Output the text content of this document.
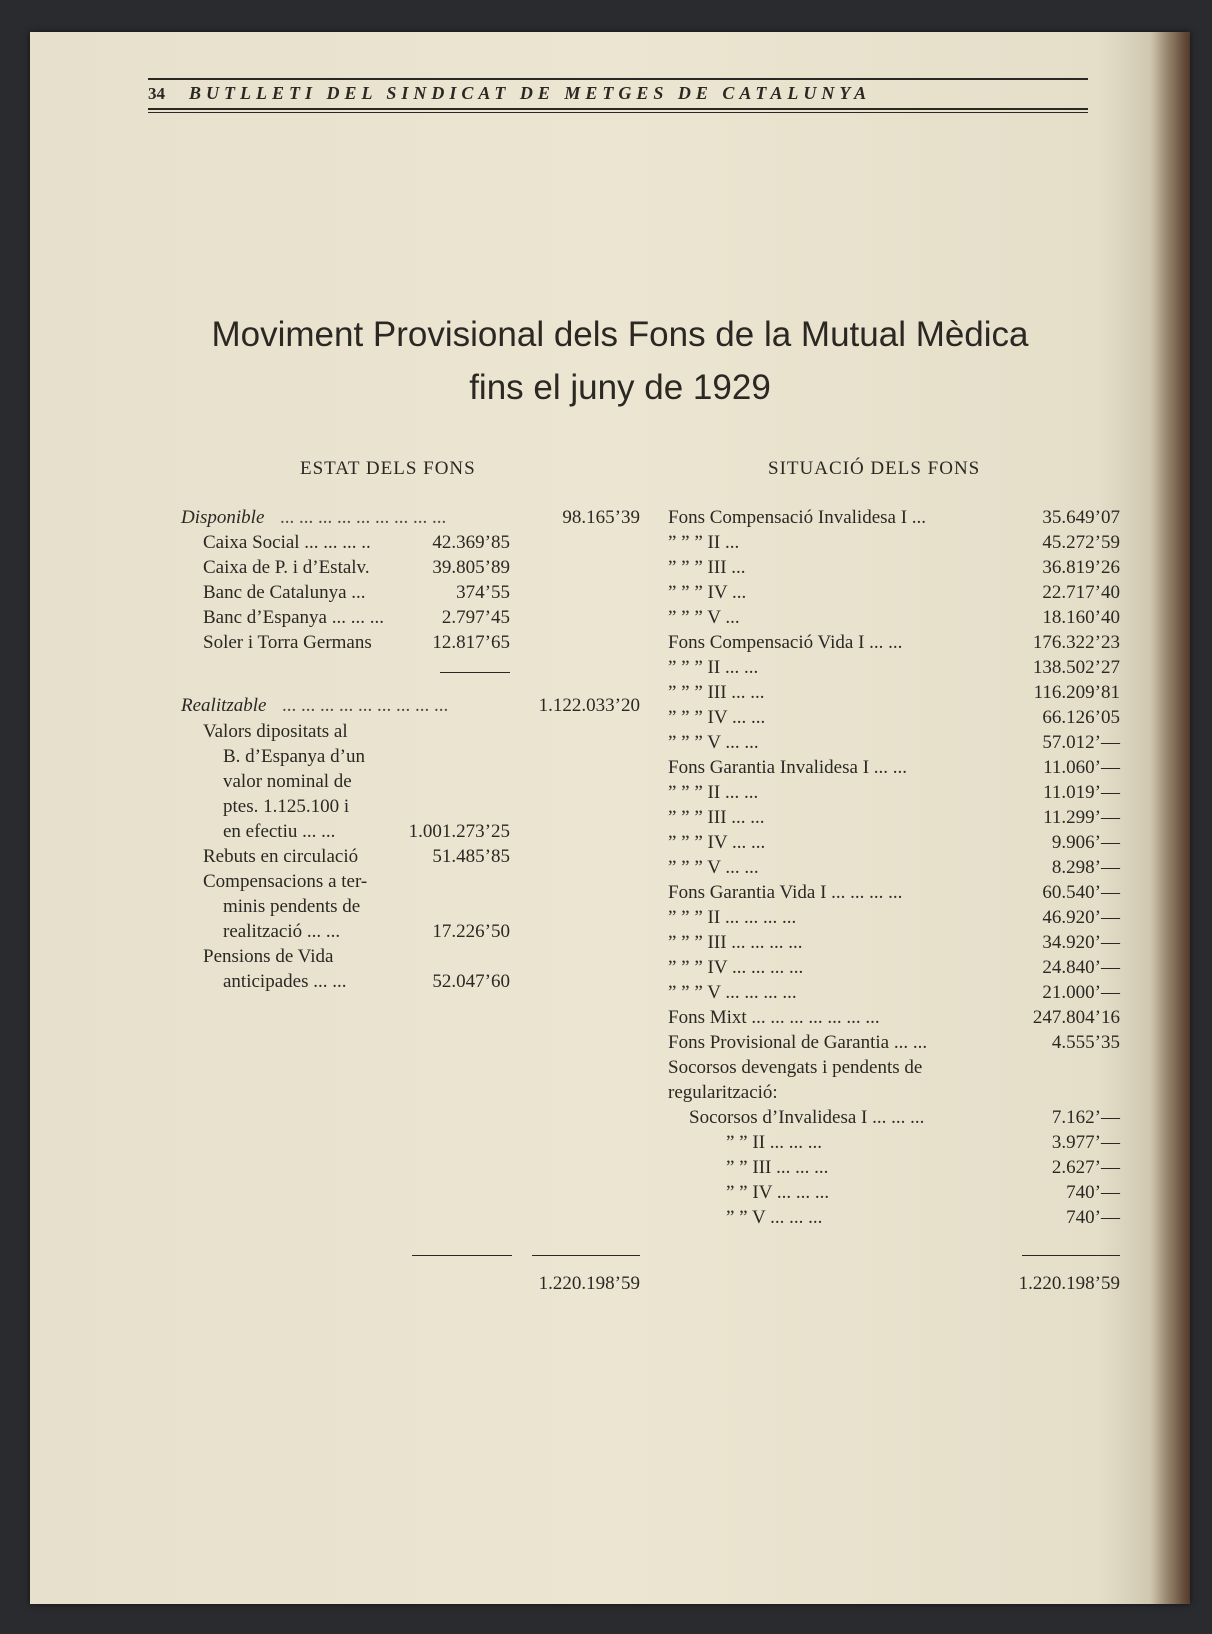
34 BUTLLETI DEL SINDICAT DE METGES DE CATALUNYA
Moviment Provisional dels Fons de la Mutual Mèdica
fins el juny de 1929
ESTAT DELS FONS	SITUACIÓ DELS FONS
Disponible ... ... ... ... ... ... ... ... ...	98.165’39
Caixa Social ... ... ... ..	42.369’85
Caixa de P. i d’Estalv.	39.805’89
Banc de Catalunya ...	374’55
Banc d’Espanya ... ... ...	2.797’45
Soler i Torra Germans	12.817’65
Realitzable ... ... ... ... ... ... ... ... ...	1.122.033’20
Valors dipositats al
B. d’Espanya d’un
valor nominal de
ptes. 1.125.100 i
en efectiu ... ...	1.001.273’25
Rebuts en circulació	51.485’85
Compensacions a ter-
minis pendents de
realització ... ...	17.226’50
Pensions de Vida
anticipades ... ...	52.047’60
1.220.198’59
Fons Compensació Invalidesa I ...	35.649’07
” ” ” II ...	45.272’59
” ” ” III ...	36.819’26
” ” ” IV ...	22.717’40
” ” ” V ...	18.160’40
Fons Compensació Vida I ... ...	176.322’23
” ” ” II ... ...	138.502’27
” ” ” III ... ...	116.209’81
” ” ” IV ... ...	66.126’05
” ” ” V ... ...	57.012’—
Fons Garantia Invalidesa I ... ...	11.060’—
” ” ” II ... ...	11.019’—
” ” ” III ... ...	11.299’—
” ” ” IV ... ...	9.906’—
” ” ” V ... ...	8.298’—
Fons Garantia Vida I ... ... ... ...	60.540’—
” ” ” II ... ... ... ...	46.920’—
” ” ” III ... ... ... ...	34.920’—
” ” ” IV ... ... ... ...	24.840’—
” ” ” V ... ... ... ...	21.000’—
Fons Mixt ... ... ... ... ... ... ...	247.804’16
Fons Provisional de Garantia ... ...	4.555’35
Socorsos devengats i pendents de
regularització:
Socorsos d’Invalidesa I ... ... ...	7.162’—
” ” II ... ... ...	3.977’—
” ” III ... ... ...	2.627’—
” ” IV ... ... ...	740’—
” ” V ... ... ...	740’—
1.220.198’59
